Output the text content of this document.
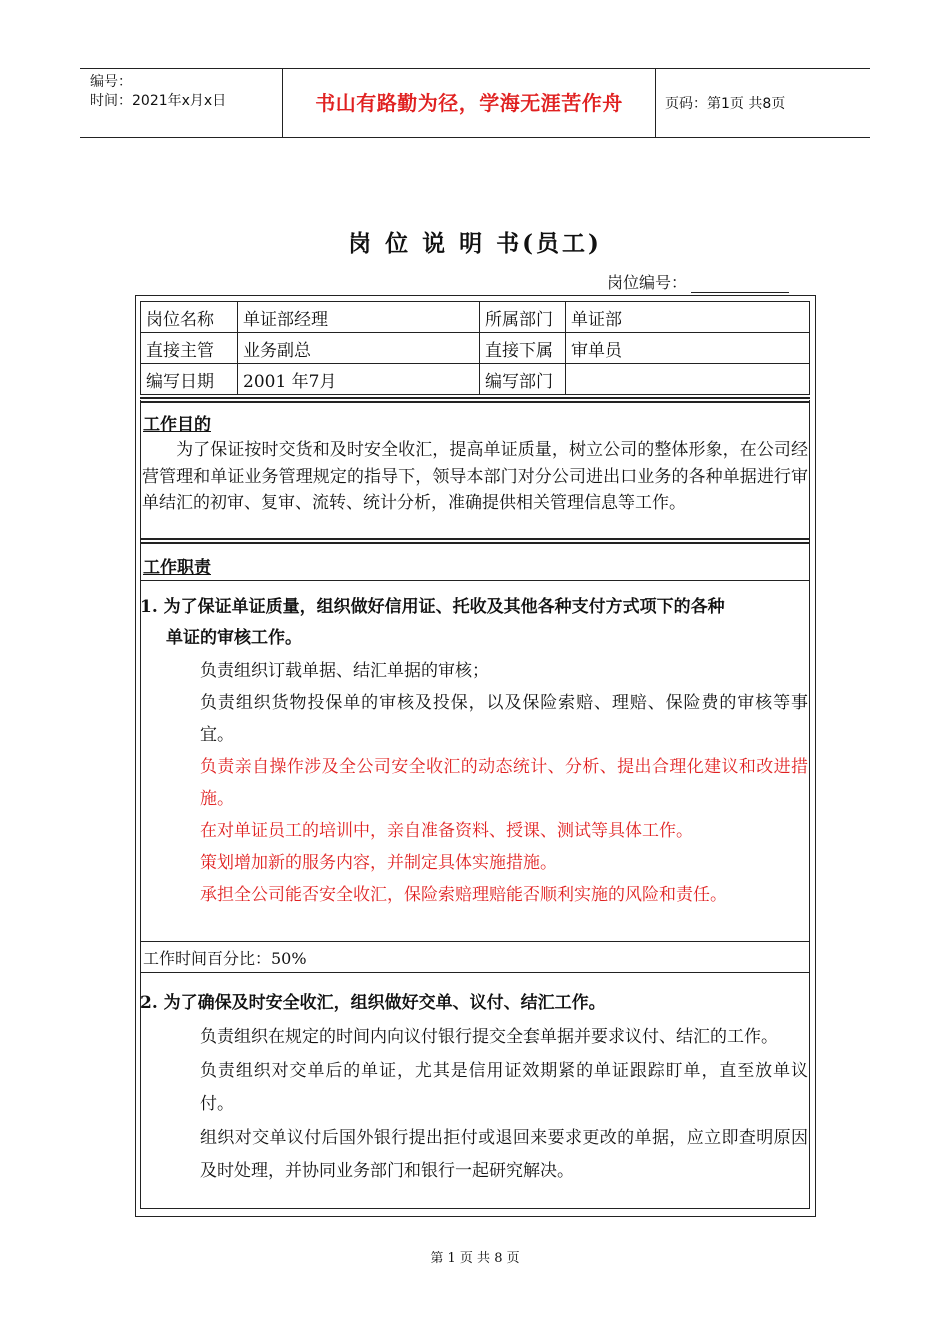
编号：
时间：2021年x月x日	书山有路勤为径，学海无涯苦作舟	页码：第1页 共8页
岗 位 说 明 书(员工)
岗位编号：
岗位名称	单证部经理	所属部门	单证部
直接主管	业务副总	直接下属	审单员
编写日期	2001 年7月	编写部门	
工作目的

为了保证按时交货和及时安全收汇，提高单证质量，树立公司的整体形象，在公司经营管理和单证业务管理规定的指导下，领导本部门对分公司进出口业务的各种单据进行审单结汇的初审、复审、流转、统计分析，准确提供相关管理信息等工作。

工作职责
1. 为了保证单证质量，组织做好信用证、托收及其他各种支付方式项下的各种
单证的审核工作。
负责组织订载单据、结汇单据的审核；
负责组织货物投保单的审核及投保，以及保险索赔、理赔、保险费的审核等事宜。
负责亲自操作涉及全公司安全收汇的动态统计、分析、提出合理化建议和改进措施。
在对单证员工的培训中，亲自准备资料、授课、测试等具体工作。
策划增加新的服务内容，并制定具体实施措施。
承担全公司能否安全收汇，保险索赔理赔能否顺利实施的风险和责任。

工作时间百分比：50%
2. 为了确保及时安全收汇，组织做好交单、议付、结汇工作。
负责组织在规定的时间内向议付银行提交全套单据并要求议付、结汇的工作。
负责组织对交单后的单证，尤其是信用证效期紧的单证跟踪盯单，直至放单议付。
组织对交单议付后国外银行提出拒付或退回来要求更改的单据，应立即查明原因及时处理，并协同业务部门和银行一起研究解决。
第 1 页 共 8 页
